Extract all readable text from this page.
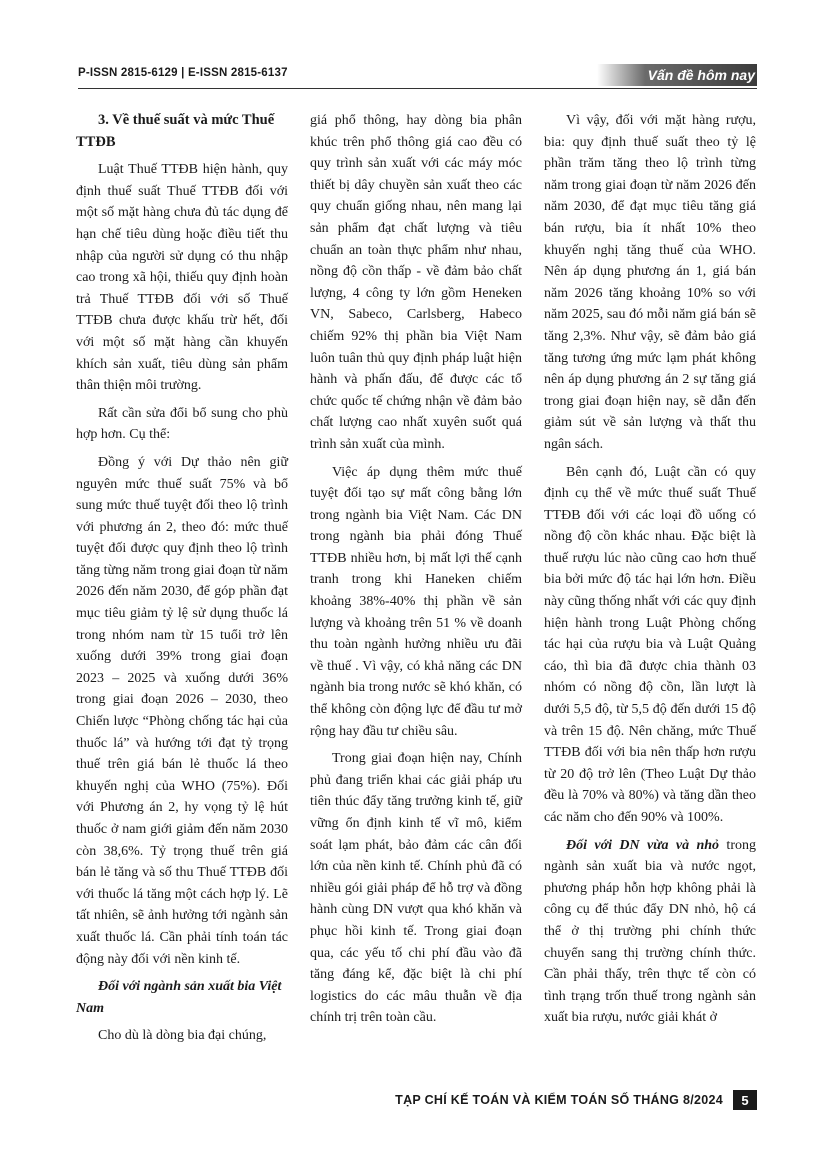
P-ISSN 2815-6129 | E-ISSN 2815-6137	Vấn đề hôm nay
3. Về thuế suất và mức Thuế TTĐB

Luật Thuế TTĐB hiện hành, quy định thuế suất Thuế TTĐB đối với một số mặt hàng chưa đủ tác dụng để hạn chế tiêu dùng hoặc điều tiết thu nhập của người sử dụng có thu nhập cao trong xã hội, thiếu quy định hoàn trả Thuế TTĐB đối với số Thuế TTĐB chưa được khấu trừ hết, đối với một số mặt hàng cần khuyến khích sản xuất, tiêu dùng sản phẩm thân thiện môi trường.

Rất cần sửa đổi bổ sung cho phù hợp hơn. Cụ thể:

Đồng ý với Dự thảo nên giữ nguyên mức thuế suất 75% và bổ sung mức thuế tuyệt đối theo lộ trình với phương án 2, theo đó: mức thuế tuyệt đối được quy định theo lộ trình tăng từng năm trong giai đoạn từ năm 2026 đến năm 2030, để góp phần đạt mục tiêu giảm tỷ lệ sử dụng thuốc lá trong nhóm nam từ 15 tuổi trở lên xuống dưới 39% trong giai đoạn 2023 – 2025 và xuống dưới 36% trong giai đoạn 2026 – 2030, theo Chiến lược “Phòng chống tác hại của thuốc lá” và hướng tới đạt tỷ trọng thuế trên giá bán lẻ thuốc lá theo khuyến nghị của WHO (75%). Đối với Phương án 2, hy vọng tỷ lệ hút thuốc ở nam giới giảm đến năm 2030 còn 38,6%. Tỷ trọng thuế trên giá bán lẻ tăng và số thu Thuế TTĐB đối với thuốc lá tăng một cách hợp lý. Lẽ tất nhiên, sẽ ảnh hưởng tới ngành sản xuất thuốc lá. Cần phải tính toán tác động này đối với nền kinh tế.

Đối với ngành sản xuất bia Việt Nam

Cho dù là dòng bia đại chúng,

giá phổ thông, hay dòng bia phân khúc trên phổ thông giá cao đều có quy trình sản xuất với các máy móc thiết bị dây chuyền sản xuất theo các quy chuẩn giống nhau, nên mang lại sản phẩm đạt chất lượng và tiêu chuẩn an toàn thực phẩm như nhau, nồng độ cồn thấp - về đảm bảo chất lượng, 4 công ty lớn gồm Heneken VN, Sabeco, Carlsberg, Habeco chiếm 92% thị phần bia Việt Nam luôn tuân thủ quy định pháp luật hiện hành và phấn đấu, để được các tổ chức quốc tế chứng nhận về đảm bảo chất lượng cao nhất xuyên suốt quá trình sản xuất của mình.

Việc áp dụng thêm mức thuế tuyệt đối tạo sự mất công bằng lớn trong ngành bia Việt Nam. Các DN trong ngành bia phải đóng Thuế TTĐB nhiều hơn, bị mất lợi thế cạnh tranh trong khi Haneken chiếm khoảng 38%-40% thị phần về sản lượng và khoảng trên 51 % về doanh thu toàn ngành hưởng nhiều ưu đãi về thuế . Vì vậy, có khả năng các DN ngành bia trong nước sẽ khó khăn, có thể không còn động lực để đầu tư mở rộng hay đầu tư chiều sâu.

Trong giai đoạn hiện nay, Chính phủ đang triển khai các giải pháp ưu tiên thúc đẩy tăng trưởng kinh tế, giữ vững ổn định kinh tế vĩ mô, kiểm soát lạm phát, bảo đảm các cân đối lớn của nền kinh tế. Chính phủ đã có nhiều gói giải pháp để hỗ trợ và đồng hành cùng DN vượt qua khó khăn và phục hồi kinh tế. Trong giai đoạn qua, các yếu tố chi phí đầu vào đã tăng đáng kể, đặc biệt là chi phí logistics do các mâu thuẫn về địa chính trị trên toàn cầu.

Vì vậy, đối với mặt hàng rượu, bia: quy định thuế suất theo tỷ lệ phần trăm tăng theo lộ trình từng năm trong giai đoạn từ năm 2026 đến năm 2030, để đạt mục tiêu tăng giá bán rượu, bia ít nhất 10% theo khuyến nghị tăng thuế của WHO. Nên áp dụng phương án 1, giá bán năm 2026 tăng khoảng 10% so với năm 2025, sau đó mỗi năm giá bán sẽ tăng 2,3%. Như vậy, sẽ đảm bảo giá tăng tương ứng mức lạm phát không nên áp dụng phương án 2 sự tăng giá trong giai đoạn hiện nay, sẽ dẫn đến giảm sút về sản lượng và thất thu ngân sách.

Bên cạnh đó, Luật cần có quy định cụ thể về mức thuế suất Thuế TTĐB đối với các loại đồ uống có nồng độ cồn khác nhau. Đặc biệt là thuế rượu lúc nào cũng cao hơn thuế bia bởi mức độ tác hại lớn hơn. Điều này cũng thống nhất với các quy định hiện hành trong Luật Phòng chống tác hại của rượu bia và Luật Quảng cáo, thì bia đã được chia thành 03 nhóm có nồng độ cồn, lần lượt là dưới 5,5 độ, từ 5,5 độ đến dưới 15 độ và trên 15 độ. Nên chăng, mức Thuế TTĐB đối với bia nên thấp hơn rượu từ 20 độ trở lên (Theo Luật Dự thảo đều là 70% và 80%) và tăng dần theo các năm cho đến 90% và 100%.

Đối với DN vừa và nhỏ trong ngành sản xuất bia và nước ngọt, phương pháp hỗn hợp không phải là công cụ để thúc đẩy DN nhỏ, hộ cá thể ở thị trường phi chính thức chuyển sang thị trường chính thức. Cần phải thấy, trên thực tế còn có tình trạng trốn thuế trong ngành sản xuất bia rượu, nước giải khát ở

TẠP CHÍ KẾ TOÁN VÀ KIỂM TOÁN SỐ THÁNG 8/2024	5
